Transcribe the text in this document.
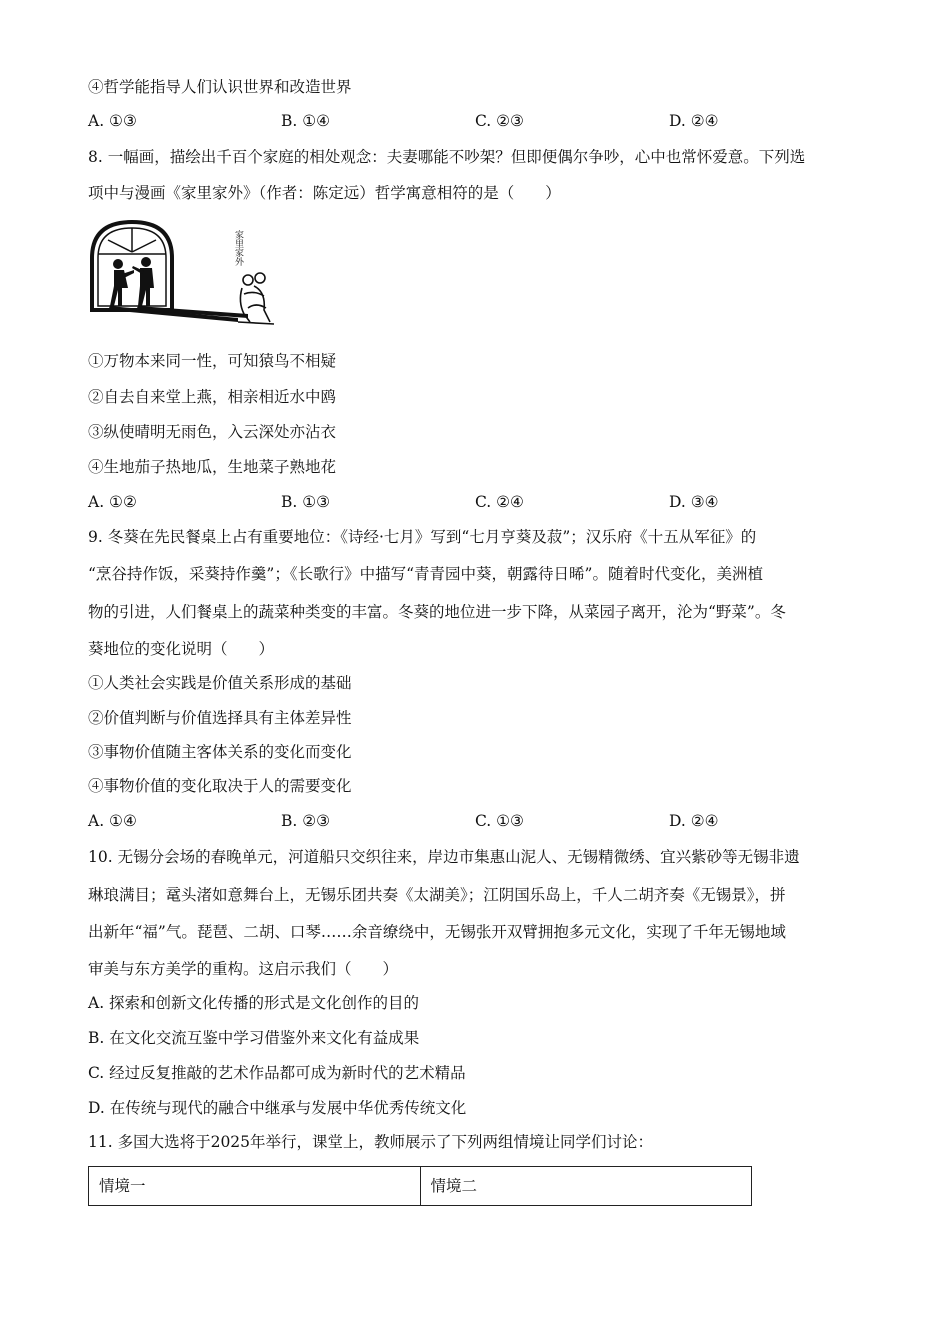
④哲学能指导人们认识世界和改造世界
A. ①③	B. ①④	C. ②③	D. ②④
8. 一幅画，描绘出千百个家庭的相处观念：夫妻哪能不吵架？但即便偶尔争吵，心中也常怀爱意。下列选
项中与漫画《家里家外》（作者：陈定远）哲学寓意相符的是（　　）
家里家外
①万物本来同一性，可知猿鸟不相疑
②自去自来堂上燕，相亲相近水中鸥
③纵使晴明无雨色，入云深处亦沾衣
④生地茄子热地瓜，生地菜子熟地花
A. ①②	B. ①③	C. ②④	D. ③④
9. 冬葵在先民餐桌上占有重要地位：《诗经·七月》写到“七月亨葵及菽”；汉乐府《十五从军征》的
“烹谷持作饭，采葵持作羹”；《长歌行》中描写“青青园中葵，朝露待日晞”。随着时代变化，美洲植
物的引进，人们餐桌上的蔬菜种类变的丰富。冬葵的地位进一步下降，从菜园子离开，沦为“野菜”。冬
葵地位的变化说明（　　）
①人类社会实践是价值关系形成的基础
②价值判断与价值选择具有主体差异性
③事物价值随主客体关系的变化而变化
④事物价值的变化取决于人的需要变化
A. ①④	B. ②③	C. ①③	D. ②④
10. 无锡分会场的春晚单元，河道船只交织往来，岸边市集惠山泥人、无锡精微绣、宜兴紫砂等无锡非遗
琳琅满目；鼋头渚如意舞台上，无锡乐团共奏《太湖美》；江阴国乐岛上，千人二胡齐奏《无锡景》，拼
出新年“福”气。琵琶、二胡、口琴……余音缭绕中，无锡张开双臂拥抱多元文化，实现了千年无锡地域
审美与东方美学的重构。这启示我们（　　）
A. 探索和创新文化传播的形式是文化创作的目的
B. 在文化交流互鉴中学习借鉴外来文化有益成果
C. 经过反复推敲的艺术作品都可成为新时代的艺术精品
D. 在传统与现代的融合中继承与发展中华优秀传统文化
11. 多国大选将于2025年举行，课堂上，教师展示了下列两组情境让同学们讨论：
情境一	情境二
